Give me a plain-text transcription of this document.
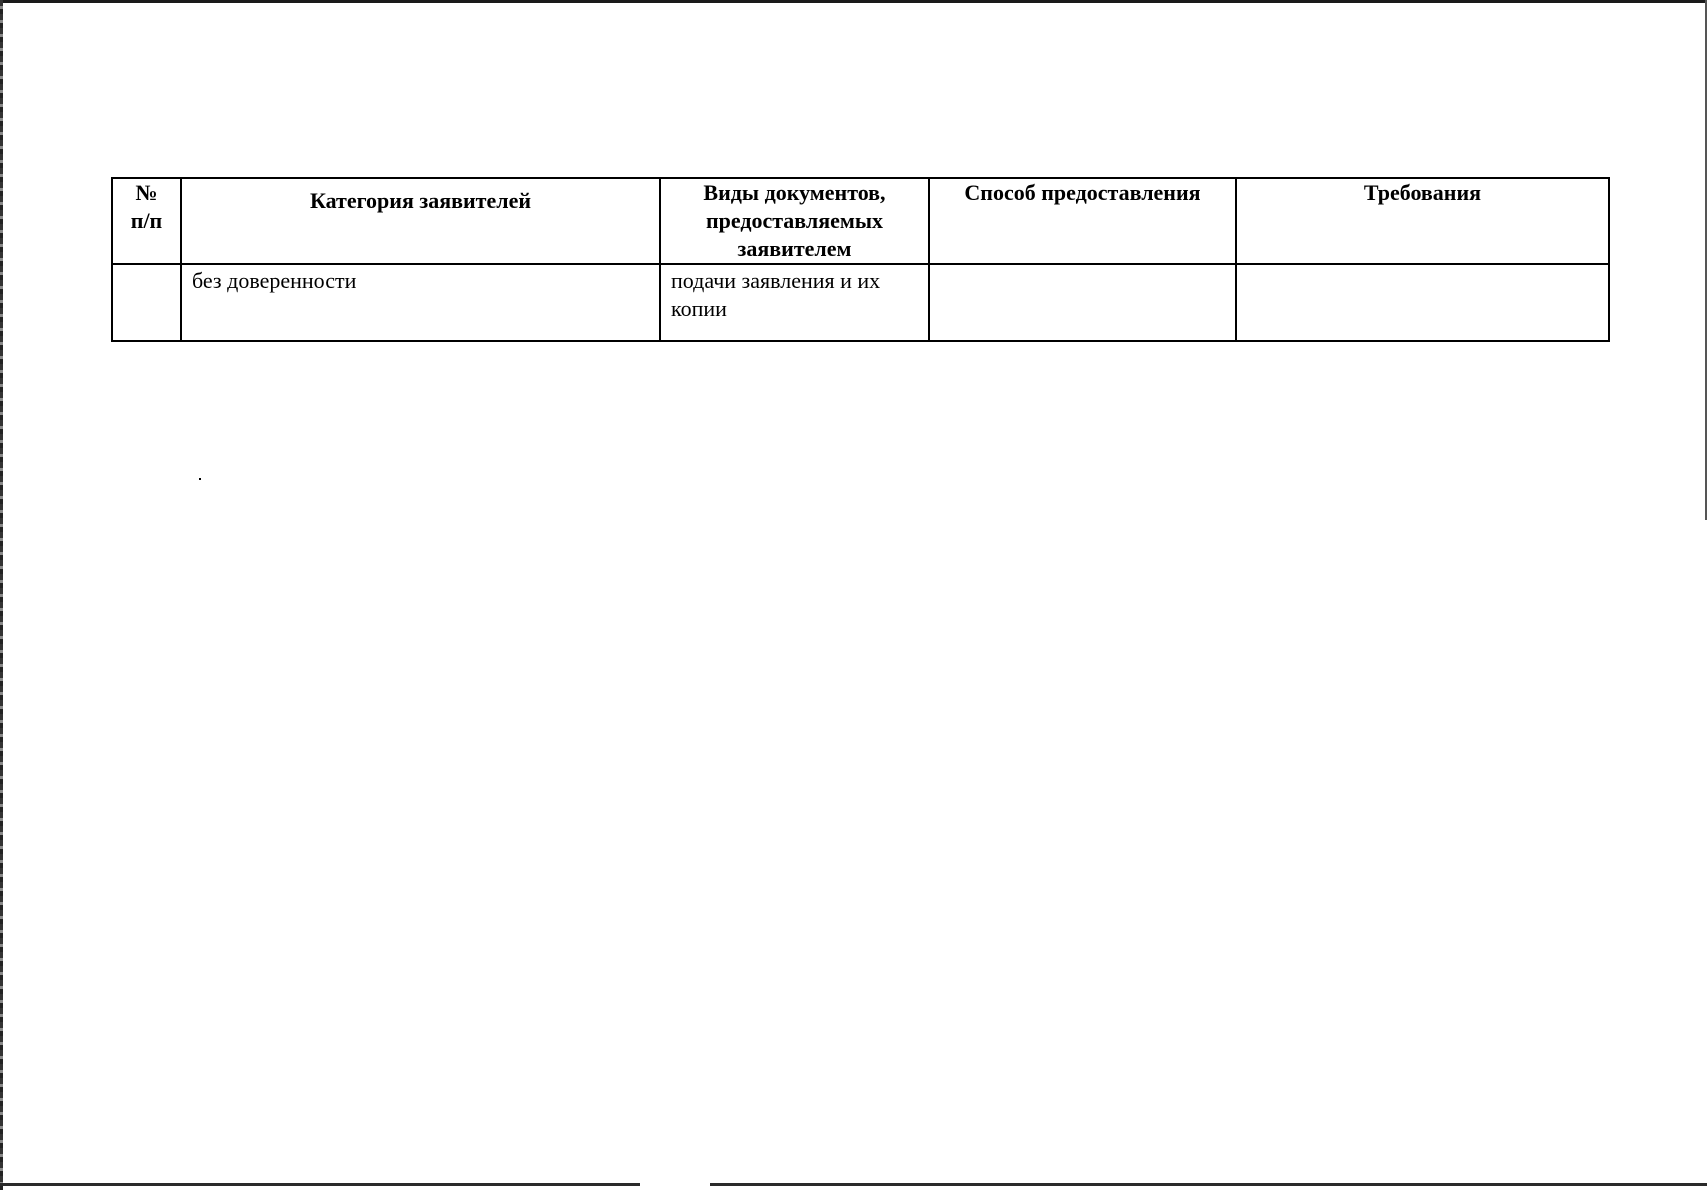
№
п/п	Категория заявителей	Виды документов,
предоставляемых
заявителем	Способ предоставления	Требования

	без доверенности	подачи заявления и их
копии		
